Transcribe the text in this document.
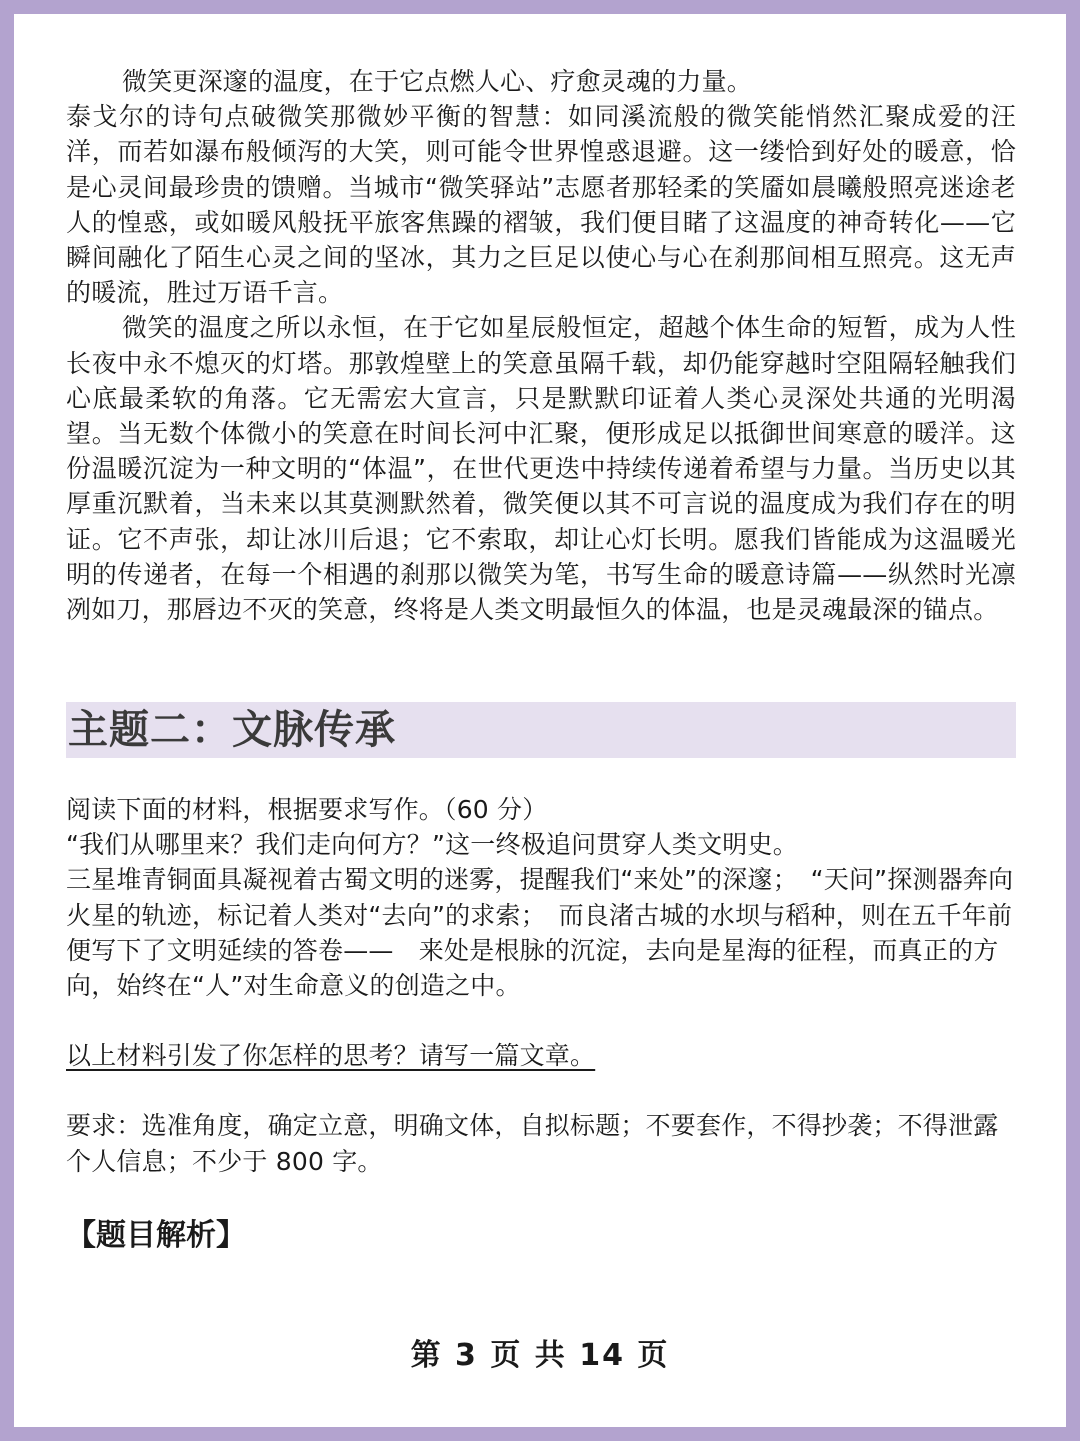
微笑更深邃的温度，在于它点燃人心、疗愈灵魂的力量。

泰戈尔的诗句点破微笑那微妙平衡的智慧：如同溪流般的微笑能悄然汇聚成爱的汪洋，而若如瀑布般倾泻的大笑，则可能令世界惶惑退避。这一缕恰到好处的暖意，恰是心灵间最珍贵的馈赠。当城市“微笑驿站”志愿者那轻柔的笑靥如晨曦般照亮迷途老人的惶惑，或如暖风般抚平旅客焦躁的褶皱，我们便目睹了这温度的神奇转化——它瞬间融化了陌生心灵之间的坚冰，其力之巨足以使心与心在刹那间相互照亮。这无声的暖流，胜过万语千言。

微笑的温度之所以永恒，在于它如星辰般恒定，超越个体生命的短暂，成为人性长夜中永不熄灭的灯塔。那敦煌壁上的笑意虽隔千载，却仍能穿越时空阻隔轻触我们心底最柔软的角落。它无需宏大宣言，只是默默印证着人类心灵深处共通的光明渴望。当无数个体微小的笑意在时间长河中汇聚，便形成足以抵御世间寒意的暖洋。这份温暖沉淀为一种文明的“体温”，在世代更迭中持续传递着希望与力量。当历史以其厚重沉默着，当未来以其莫测默然着，微笑便以其不可言说的温度成为我们存在的明证。它不声张，却让冰川后退；它不索取，却让心灯长明。愿我们皆能成为这温暖光明的传递者，在每一个相遇的刹那以微笑为笔，书写生命的暖意诗篇——纵然时光凛冽如刀，那唇边不灭的笑意，终将是人类文明最恒久的体温，也是灵魂最深的锚点。

主题二：文脉传承

阅读下面的材料，根据要求写作。（60 分）

“我们从哪里来？我们走向何方？”这一终极追问贯穿人类文明史。

三星堆青铜面具凝视着古蜀文明的迷雾，提醒我们“来处”的深邃；　“天问”探测器奔向火星的轨迹，标记着人类对“去向”的求索；　而良渚古城的水坝与稻种，则在五千年前便写下了文明延续的答卷——　来处是根脉的沉淀，去向是星海的征程，而真正的方向，始终在“人”对生命意义的创造之中。

以上材料引发了你怎样的思考？请写一篇文章。

要求：选准角度，确定立意，明确文体，自拟标题；不要套作，不得抄袭；不得泄露个人信息；不少于 800 字。

【题目解析】
第 3 页 共 14 页
